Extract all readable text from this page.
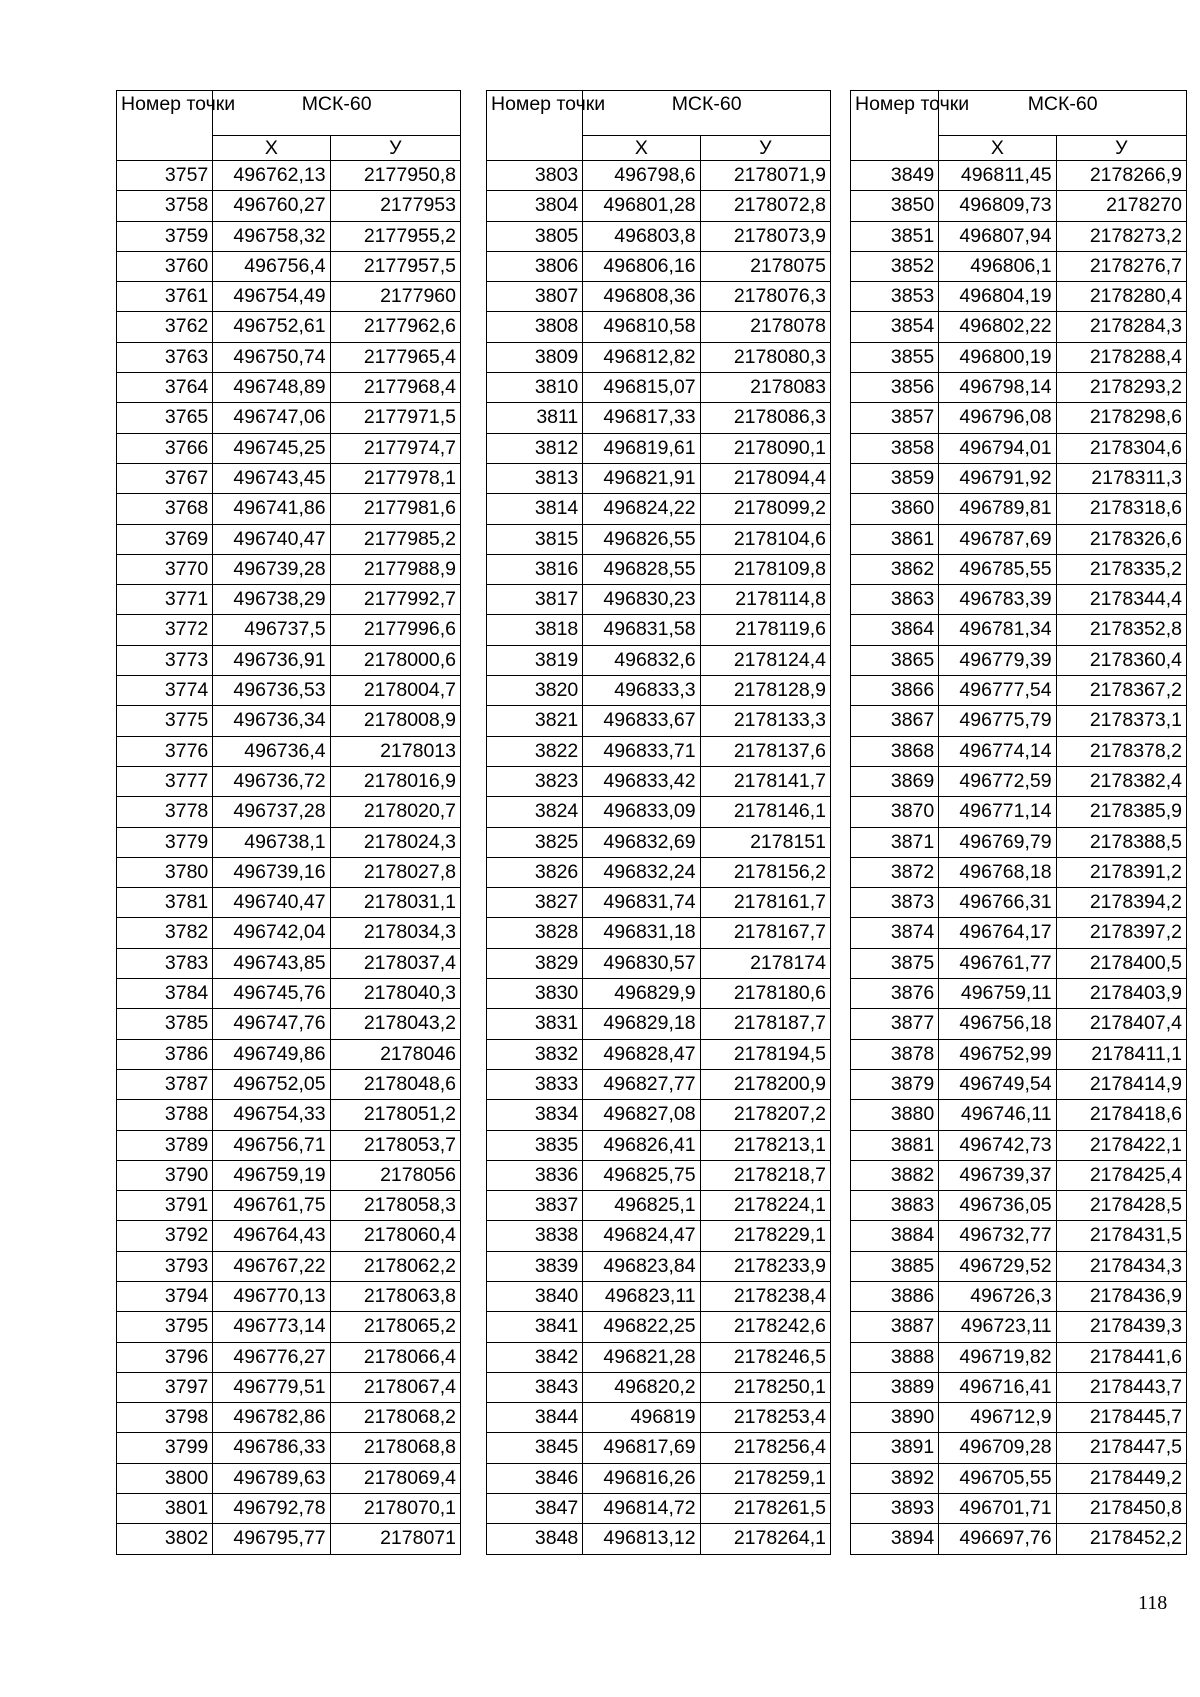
Номер точки	МСК-60	
	Х	У
3757	496762,13	2177950,8
3758	496760,27	2177953
3759	496758,32	2177955,2
3760	496756,4	2177957,5
3761	496754,49	2177960
3762	496752,61	2177962,6
3763	496750,74	2177965,4
3764	496748,89	2177968,4
3765	496747,06	2177971,5
3766	496745,25	2177974,7
3767	496743,45	2177978,1
3768	496741,86	2177981,6
3769	496740,47	2177985,2
3770	496739,28	2177988,9
3771	496738,29	2177992,7
3772	496737,5	2177996,6
3773	496736,91	2178000,6
3774	496736,53	2178004,7
3775	496736,34	2178008,9
3776	496736,4	2178013
3777	496736,72	2178016,9
3778	496737,28	2178020,7
3779	496738,1	2178024,3
3780	496739,16	2178027,8
3781	496740,47	2178031,1
3782	496742,04	2178034,3
3783	496743,85	2178037,4
3784	496745,76	2178040,3
3785	496747,76	2178043,2
3786	496749,86	2178046
3787	496752,05	2178048,6
3788	496754,33	2178051,2
3789	496756,71	2178053,7
3790	496759,19	2178056
3791	496761,75	2178058,3
3792	496764,43	2178060,4
3793	496767,22	2178062,2
3794	496770,13	2178063,8
3795	496773,14	2178065,2
3796	496776,27	2178066,4
3797	496779,51	2178067,4
3798	496782,86	2178068,2
3799	496786,33	2178068,8
3800	496789,63	2178069,4
3801	496792,78	2178070,1
3802	496795,77	2178071
Номер точки	МСК-60	
	Х	У
3803	496798,6	2178071,9
3804	496801,28	2178072,8
3805	496803,8	2178073,9
3806	496806,16	2178075
3807	496808,36	2178076,3
3808	496810,58	2178078
3809	496812,82	2178080,3
3810	496815,07	2178083
3811	496817,33	2178086,3
3812	496819,61	2178090,1
3813	496821,91	2178094,4
3814	496824,22	2178099,2
3815	496826,55	2178104,6
3816	496828,55	2178109,8
3817	496830,23	2178114,8
3818	496831,58	2178119,6
3819	496832,6	2178124,4
3820	496833,3	2178128,9
3821	496833,67	2178133,3
3822	496833,71	2178137,6
3823	496833,42	2178141,7
3824	496833,09	2178146,1
3825	496832,69	2178151
3826	496832,24	2178156,2
3827	496831,74	2178161,7
3828	496831,18	2178167,7
3829	496830,57	2178174
3830	496829,9	2178180,6
3831	496829,18	2178187,7
3832	496828,47	2178194,5
3833	496827,77	2178200,9
3834	496827,08	2178207,2
3835	496826,41	2178213,1
3836	496825,75	2178218,7
3837	496825,1	2178224,1
3838	496824,47	2178229,1
3839	496823,84	2178233,9
3840	496823,11	2178238,4
3841	496822,25	2178242,6
3842	496821,28	2178246,5
3843	496820,2	2178250,1
3844	496819	2178253,4
3845	496817,69	2178256,4
3846	496816,26	2178259,1
3847	496814,72	2178261,5
3848	496813,12	2178264,1
Номер точки	МСК-60	
	Х	У
3849	496811,45	2178266,9
3850	496809,73	2178270
3851	496807,94	2178273,2
3852	496806,1	2178276,7
3853	496804,19	2178280,4
3854	496802,22	2178284,3
3855	496800,19	2178288,4
3856	496798,14	2178293,2
3857	496796,08	2178298,6
3858	496794,01	2178304,6
3859	496791,92	2178311,3
3860	496789,81	2178318,6
3861	496787,69	2178326,6
3862	496785,55	2178335,2
3863	496783,39	2178344,4
3864	496781,34	2178352,8
3865	496779,39	2178360,4
3866	496777,54	2178367,2
3867	496775,79	2178373,1
3868	496774,14	2178378,2
3869	496772,59	2178382,4
3870	496771,14	2178385,9
3871	496769,79	2178388,5
3872	496768,18	2178391,2
3873	496766,31	2178394,2
3874	496764,17	2178397,2
3875	496761,77	2178400,5
3876	496759,11	2178403,9
3877	496756,18	2178407,4
3878	496752,99	2178411,1
3879	496749,54	2178414,9
3880	496746,11	2178418,6
3881	496742,73	2178422,1
3882	496739,37	2178425,4
3883	496736,05	2178428,5
3884	496732,77	2178431,5
3885	496729,52	2178434,3
3886	496726,3	2178436,9
3887	496723,11	2178439,3
3888	496719,82	2178441,6
3889	496716,41	2178443,7
3890	496712,9	2178445,7
3891	496709,28	2178447,5
3892	496705,55	2178449,2
3893	496701,71	2178450,8
3894	496697,76	2178452,2
118
